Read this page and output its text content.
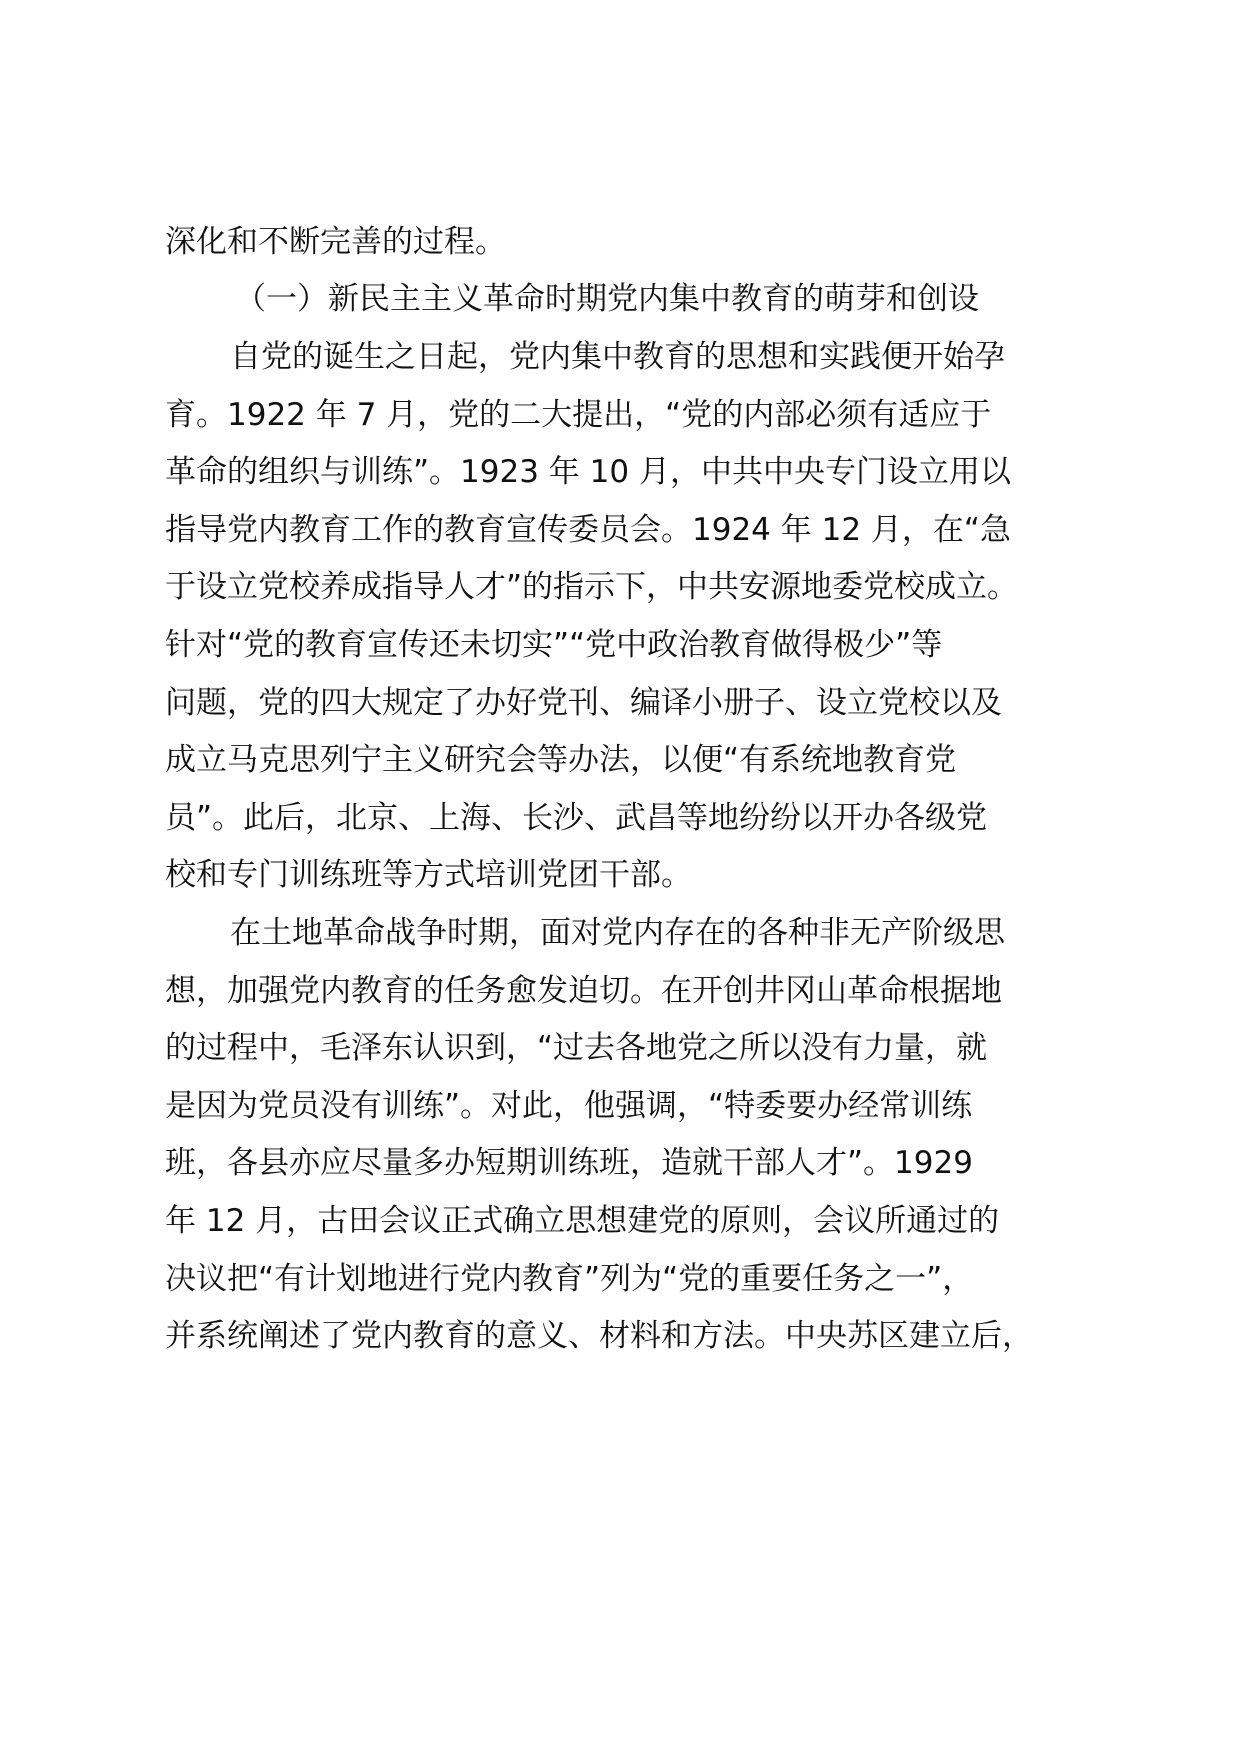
深化和不断完善的过程。
（一）新民主主义革命时期党内集中教育的萌芽和创设
自党的诞生之日起，党内集中教育的思想和实践便开始孕
育。1922 年 7 月，党的二大提出，“党的内部必须有适应于
革命的组织与训练”。1923 年 10 月，中共中央专门设立用以
指导党内教育工作的教育宣传委员会。1924 年 12 月，在“急
于设立党校养成指导人才”的指示下，中共安源地委党校成立。
针对“党的教育宣传还未切实”“党中政治教育做得极少”等
问题，党的四大规定了办好党刊、编译小册子、设立党校以及
成立马克思列宁主义研究会等办法，以便“有系统地教育党
员”。此后，北京、上海、长沙、武昌等地纷纷以开办各级党
校和专门训练班等方式培训党团干部。
在土地革命战争时期，面对党内存在的各种非无产阶级思
想，加强党内教育的任务愈发迫切。在开创井冈山革命根据地
的过程中，毛泽东认识到，“过去各地党之所以没有力量，就
是因为党员没有训练”。对此，他强调，“特委要办经常训练
班，各县亦应尽量多办短期训练班，造就干部人才”。1929
年 12 月，古田会议正式确立思想建党的原则，会议所通过的
决议把“有计划地进行党内教育”列为“党的重要任务之一”，
并系统阐述了党内教育的意义、材料和方法。中央苏区建立后，
